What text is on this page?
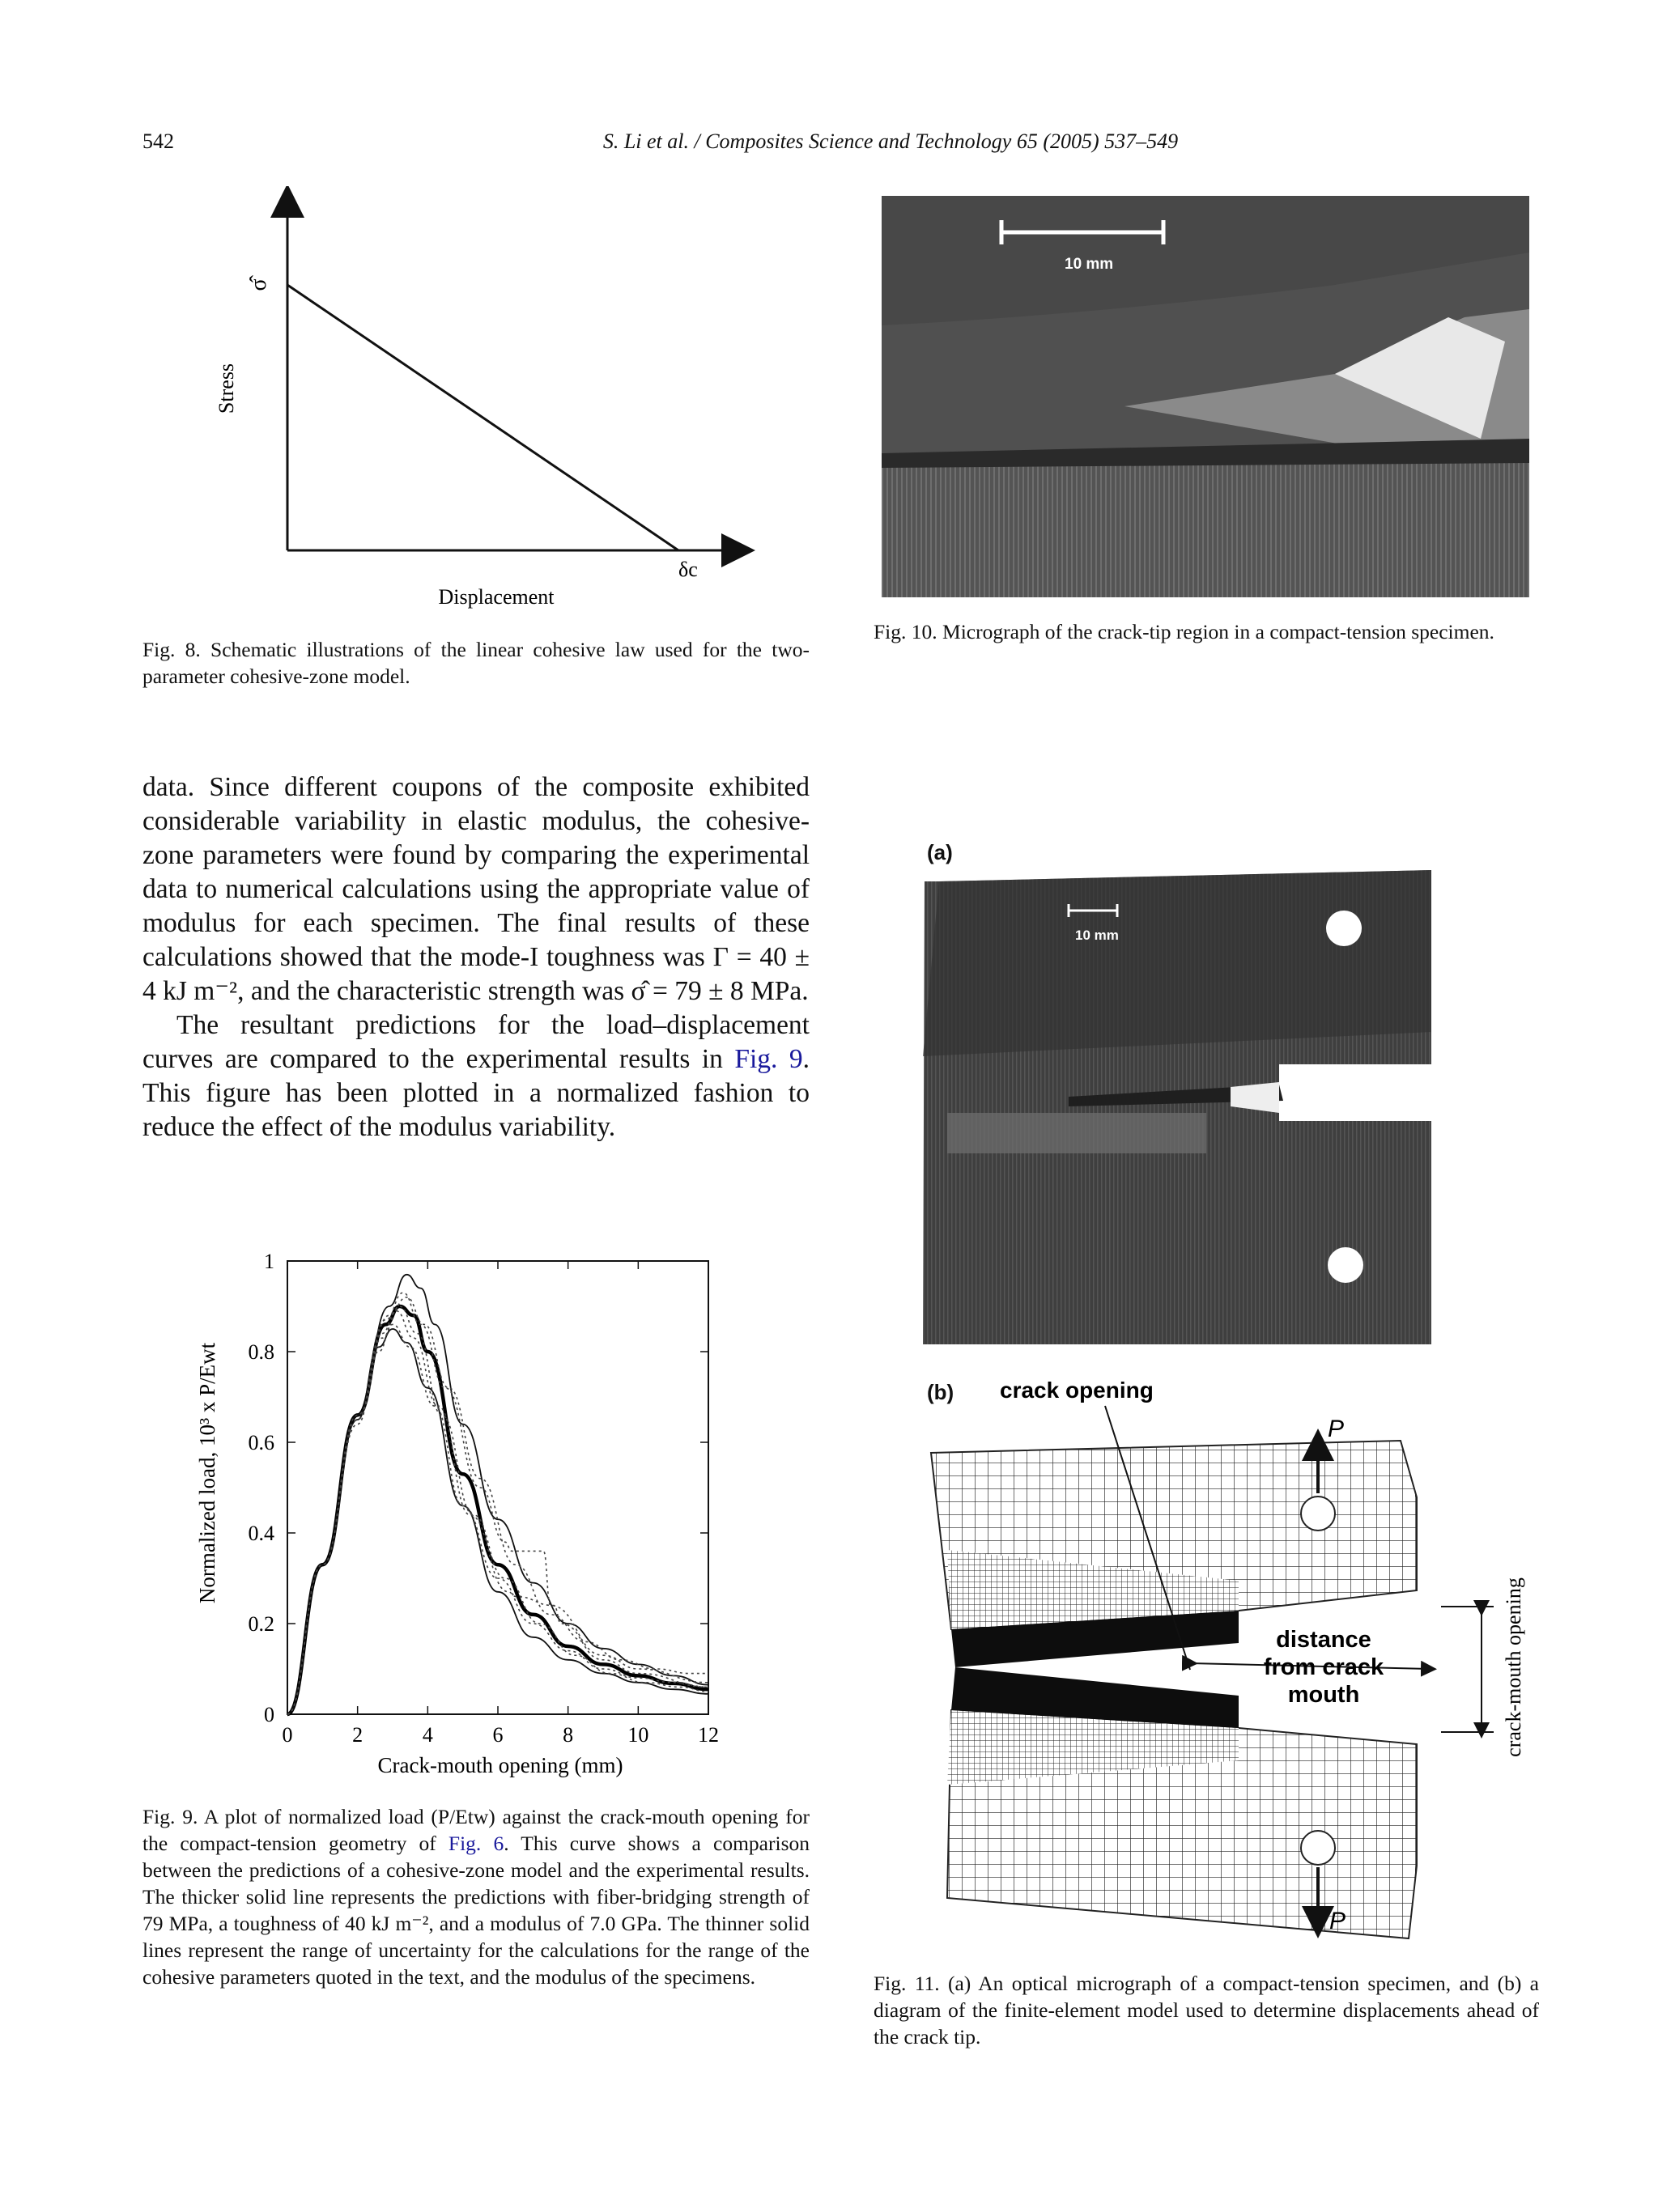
542	S. Li et al. / Composites Science and Technology 65 (2005) 537–549
σ̂
Stress
δc
Displacement
Fig. 8. Schematic illustrations of the linear cohesive law used for the two-parameter cohesive-zone model.
10 mm
Fig. 10. Micrograph of the crack-tip region in a compact-tension specimen.

data. Since different coupons of the composite exhibited considerable variability in elastic modulus, the cohesive-zone parameters were found by comparing the experimental data to numerical calculations using the appropriate value of modulus for each specimen. The final results of these calculations showed that the mode-I toughness was Γ = 40 ± 4 kJ m⁻², and the characteristic strength was σ̂ = 79 ± 8 MPa.

The resultant predictions for the load–displacement curves are compared to the experimental results in Fig. 9. This figure has been plotted in a normalized fashion to reduce the effect of the modulus variability.

0	2	4	6	8	10 12
0
0.2
0.4
0.6
0.8
1
Crack-mouth opening (mm)
Normalized load, 10³ x P/Ewt
Fig. 9. A plot of normalized load (P/Etw) against the crack-mouth opening for the compact-tension geometry of Fig. 6. This curve shows a comparison between the predictions of a cohesive-zone model and the experimental results. The thicker solid line represents the predictions with fiber-bridging strength of 79 MPa, a toughness of 40 kJ m⁻², and a modulus of 7.0 GPa. The thinner solid lines represent the range of uncertainty for the calculations for the range of the cohesive parameters quoted in the text, and the modulus of the specimens.
(a)
10 mm
(b)
P
P
crack opening
distance
from crack
mouth	crack-mouth opening
Fig. 11. (a) An optical micrograph of a compact-tension specimen, and (b) a diagram of the finite-element model used to determine displacements ahead of the crack tip.
